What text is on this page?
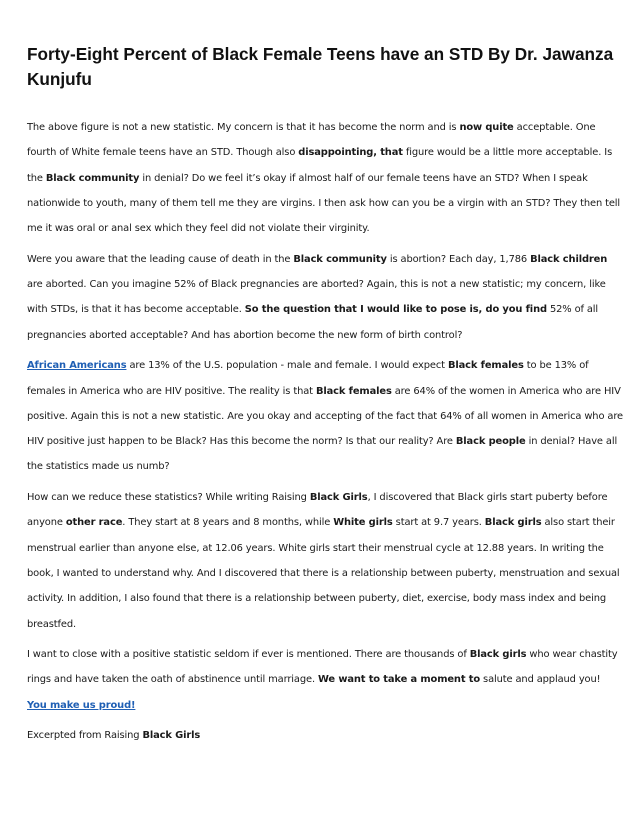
Forty-Eight Percent of Black Female Teens have an STD By Dr. Jawanza Kunjufu

The above figure is not a new statistic. My concern is that it has become the norm and is now quite acceptable. One fourth of White female teens have an STD. Though also disappointing, that figure would be a little more acceptable. Is the Black community in denial? Do we feel it’s okay if almost half of our female teens have an STD? When I speak nationwide to youth, many of them tell me they are virgins. I then ask how can you be a virgin with an STD? They then tell me it was oral or anal sex which they feel did not violate their virginity.

Were you aware that the leading cause of death in the Black community is abortion? Each day, 1,786 Black children are aborted. Can you imagine 52% of Black pregnancies are aborted? Again, this is not a new statistic; my concern, like with STDs, is that it has become acceptable. So the question that I would like to pose is, do you find 52% of all pregnancies aborted acceptable? And has abortion become the new form of birth control?

African Americans are 13% of the U.S. population - male and female. I would expect Black females to be 13% of females in America who are HIV positive. The reality is that Black females are 64% of the women in America who are HIV positive. Again this is not a new statistic. Are you okay and accepting of the fact that 64% of all women in America who are HIV positive just happen to be Black? Has this become the norm? Is that our reality? Are Black people in denial? Have all the statistics made us numb?

How can we reduce these statistics? While writing Raising Black Girls, I discovered that Black girls start puberty before anyone other race. They start at 8 years and 8 months, while White girls start at 9.7 years. Black girls also start their menstrual earlier than anyone else, at 12.06 years. White girls start their menstrual cycle at 12.88 years. In writing the book, I wanted to understand why. And I discovered that there is a relationship between puberty, menstruation and sexual activity. In addition, I also found that there is a relationship between puberty, diet, exercise, body mass index and being breastfed.

I want to close with a positive statistic seldom if ever is mentioned. There are thousands of Black girls who wear chastity rings and have taken the oath of abstinence until marriage. We want to take a moment to salute and applaud you! You make us proud!

Excerpted from Raising Black Girls
